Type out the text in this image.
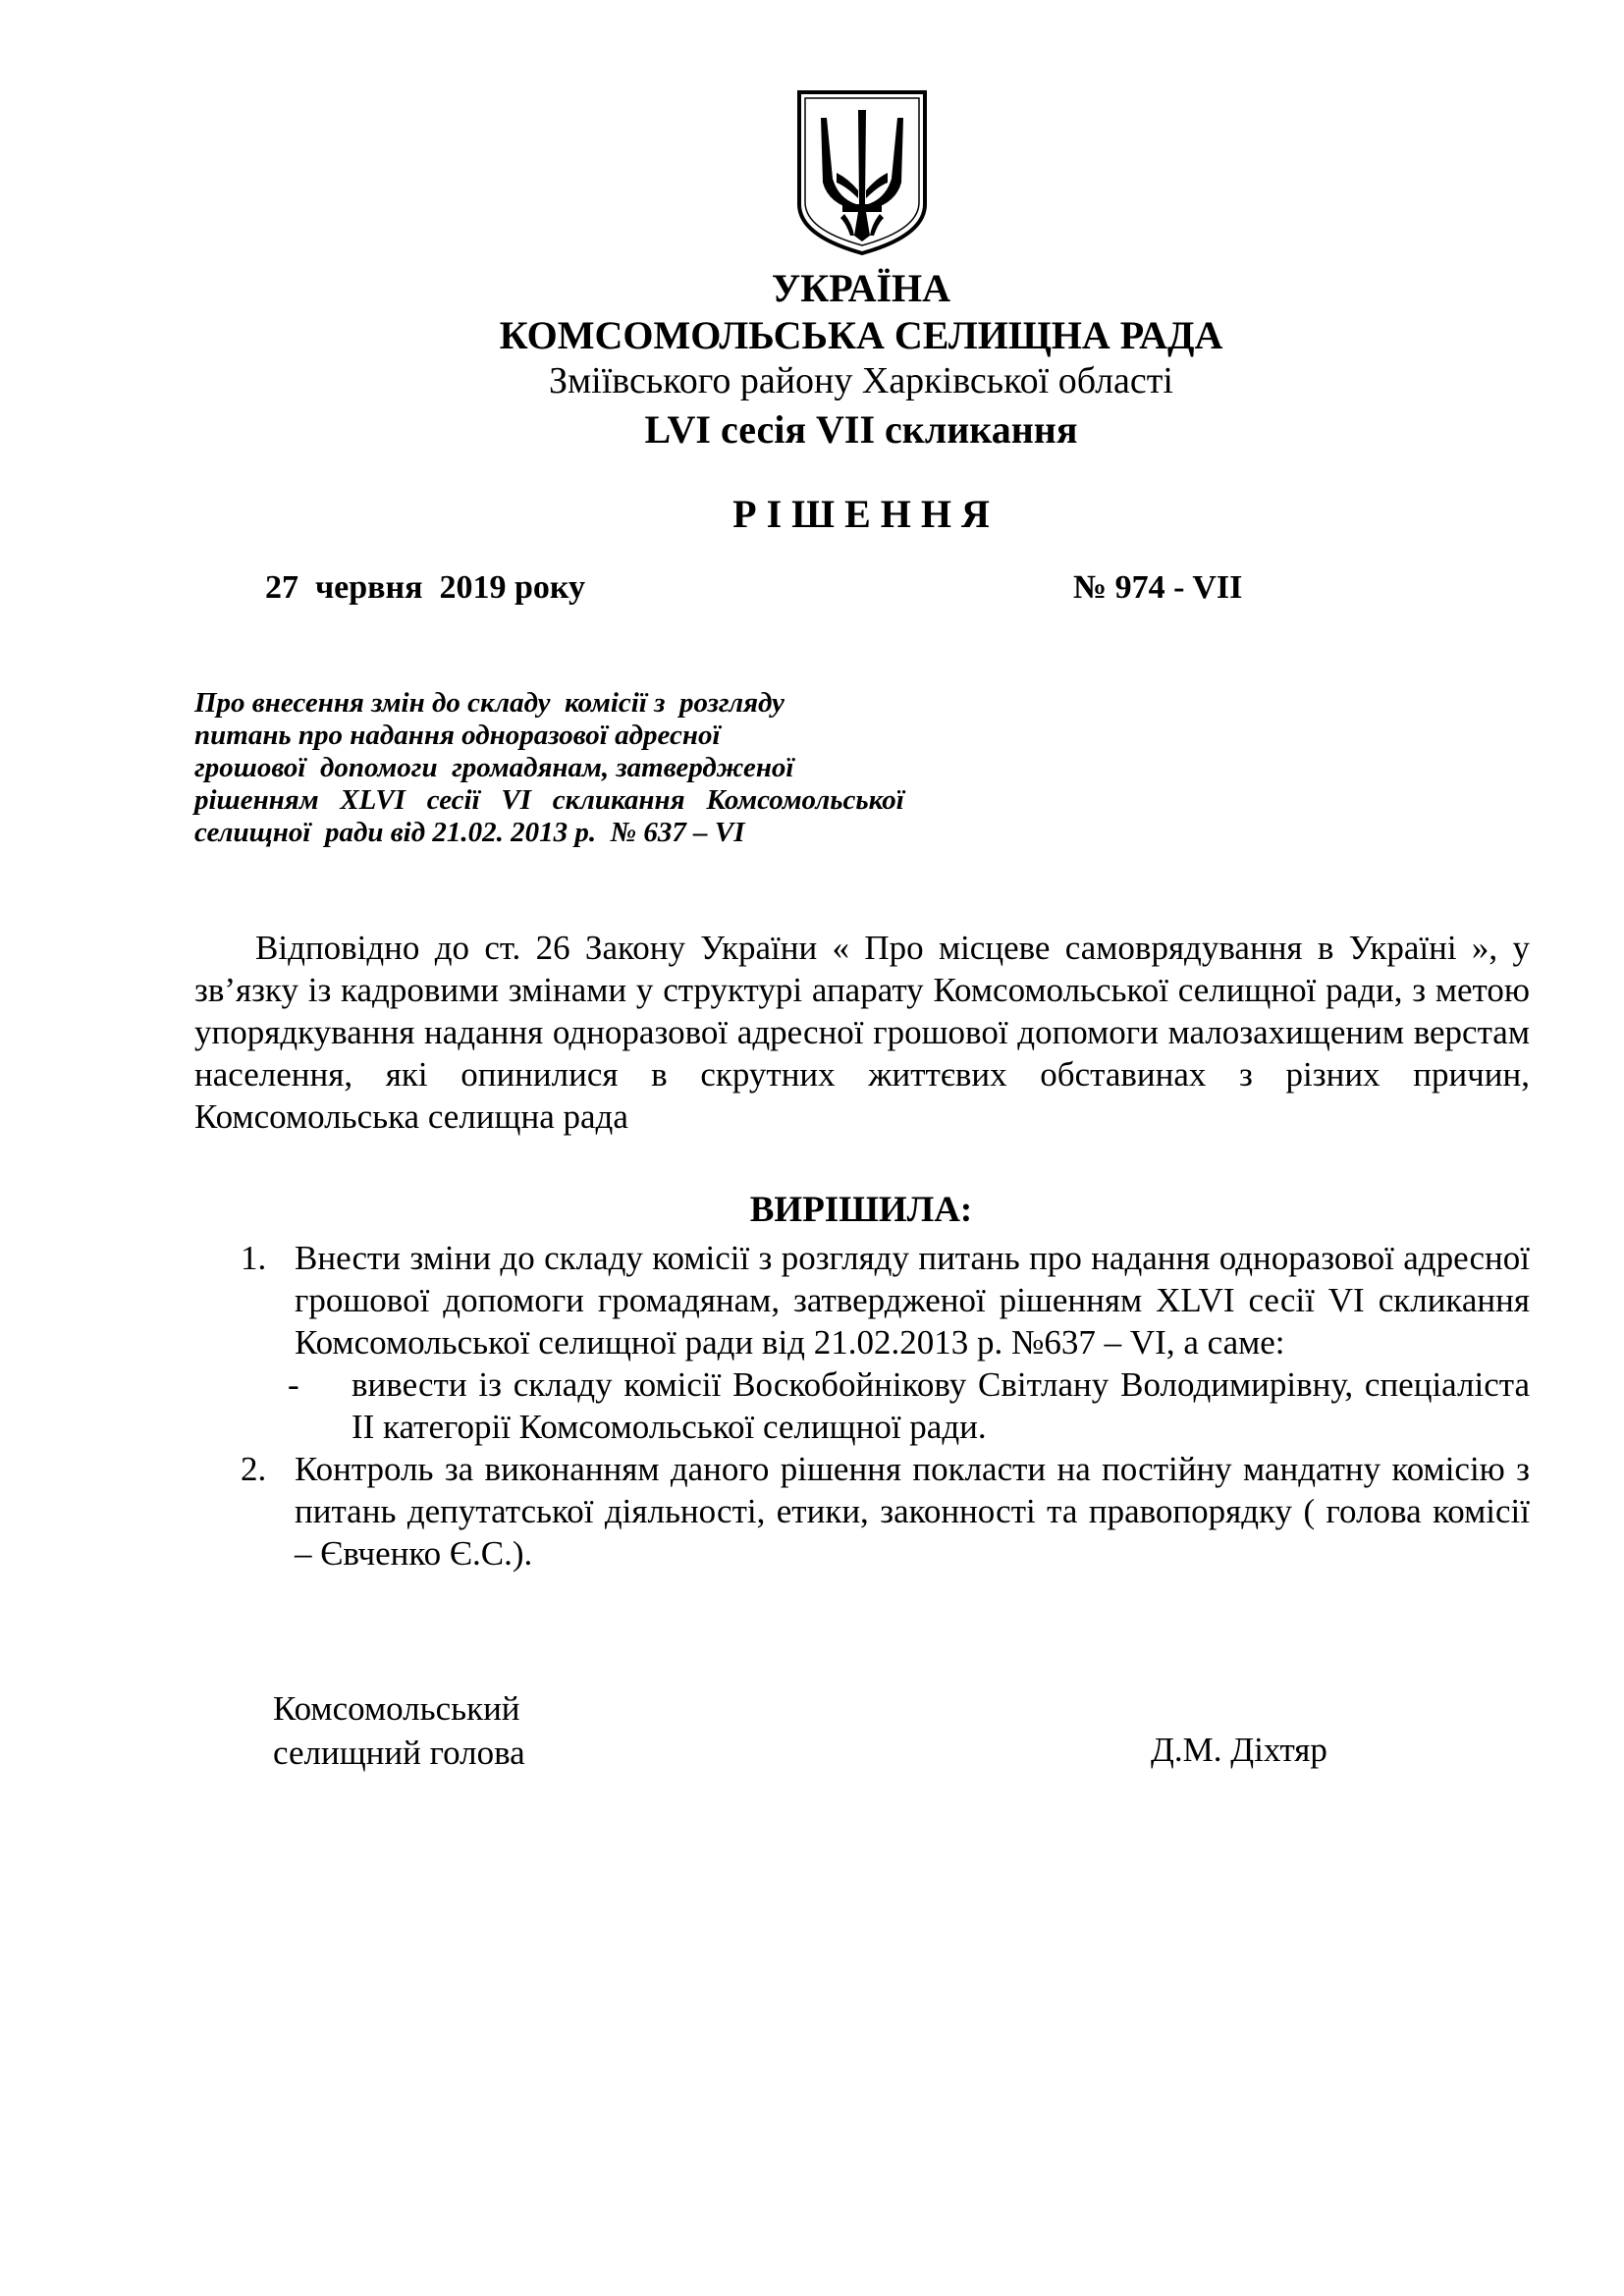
УКРАЇНА
КОМСОМОЛЬСЬКА СЕЛИЩНА РАДА
Зміївського району Харківської області
LVI сесія VII скликання
Р І Ш Е Н Н Я
27  червня  2019 року	№ 974 - VII
Про внесення змін до складу  комісії з  розгляду
питань про надання одноразової адресної
грошової  допомоги  громадянам, затвердженої
рішенням   XLVI   сесії   VI   скликання   Комсомольської
селищної  ради від 21.02. 2013 р.  № 637 – VI
Відповідно до ст. 26 Закону України « Про місцеве самоврядування в Україні », у зв’язку із кадровими змінами у структурі апарату Комсомольської селищної ради, з метою упорядкування надання одноразової адресної грошової допомоги малозахищеним верстам населення, які опинилися в скрутних життєвих обставинах з різних причин, Комсомольська селищна рада
ВИРІШИЛА:
1. Внести зміни до складу комісії з розгляду питань про надання одноразової адресної грошової допомоги громадянам, затвердженої рішенням XLVI сесії VI скликання Комсомольської селищної ради від 21.02.2013 р. №637 – VI, а саме:
- вивести із складу комісії Воскобойнікову Світлану Володимирівну, спеціаліста ІІ категорії Комсомольської селищної ради.
2. Контроль за виконанням даного рішення покласти на постійну мандатну комісію з питань депутатської діяльності, етики, законності та правопорядку ( голова комісії – Євченко Є.С.).
Комсомольський
селищний голова	Д.М. Діхтяр
